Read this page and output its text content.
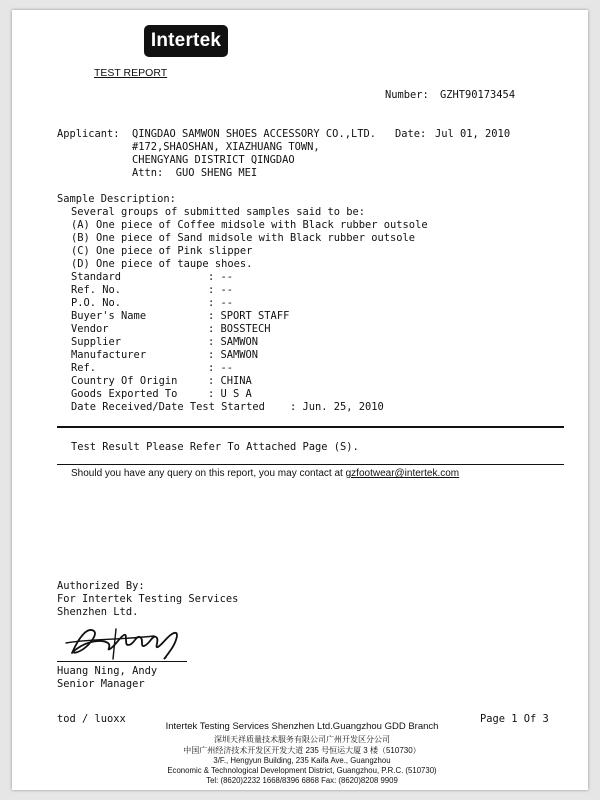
Intertek
TEST REPORT
Number: GZHT90173454
Applicant: QINGDAO SAMWON SHOES ACCESSORY CO.,LTD. Date: Jul 01, 2010
#172,SHAOSHAN, XIAZHUANG TOWN,
CHENGYANG DISTRICT QINGDAO
Attn:  GUO SHENG MEI
Sample Description:
Several groups of submitted samples said to be:
(A) One piece of Coffee midsole with Black rubber outsole
(B) One piece of Sand midsole with Black rubber outsole
(C) One piece of Pink slipper
(D) One piece of taupe shoes.
Standard	: --
Ref. No.	: --
P.O. No.	: --
Buyer's Name	: SPORT STAFF
Vendor	: BOSSTECH
Supplier	: SAMWON
Manufacturer	: SAMWON
Ref.	: --
Country Of Origin	: CHINA
Goods Exported To	: U S A
Date Received/Date Test Started    : Jun. 25, 2010
Test Result Please Refer To Attached Page (S).
Should you have any query on this report, you may contact at gzfootwear@intertek.com
Authorized By:
For Intertek Testing Services
Shenzhen Ltd.
Huang Ning, Andy
Senior Manager
tod / luoxx	Page 1 Of 3
Intertek Testing Services Shenzhen Ltd.Guangzhou GDD Branch
深圳天祥质量技术服务有限公司广州开发区分公司
中国广州经济技术开发区开发大道 235 号恒运大厦 3 楼（510730）
3/F., Hengyun Building, 235 Kaifa Ave., Guangzhou
Economic & Technological Development District, Guangzhou, P.R.C. (510730)
Tel: (8620)2232 1668/8396 6868 Fax: (8620)8208 9909
